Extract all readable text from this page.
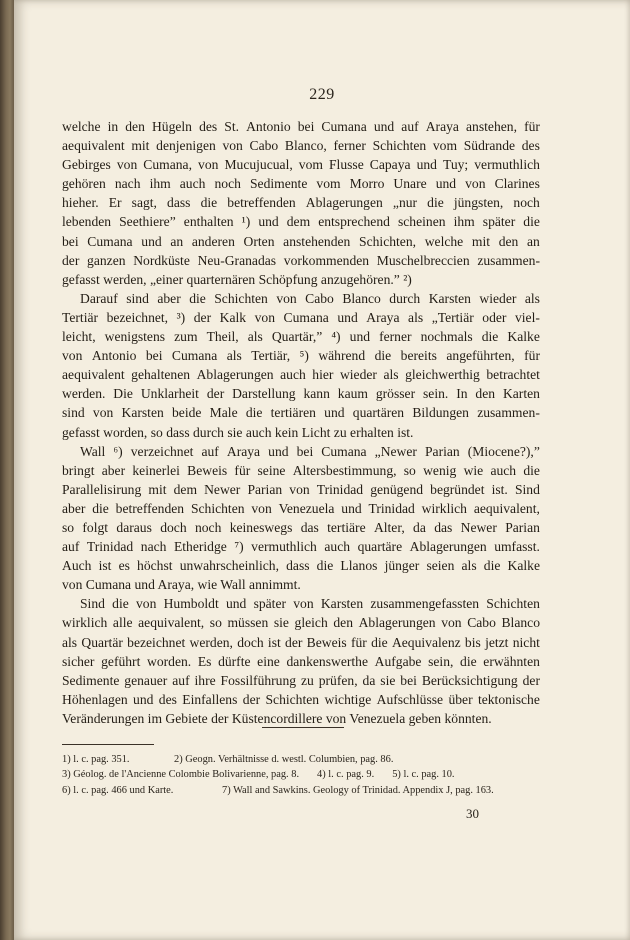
229
welche in den Hügeln des St. Antonio bei Cumana und auf Araya anstehen, für
aequivalent mit denjenigen von Cabo Blanco, ferner Schichten vom Südrande des
Gebirges von Cumana, von Mucujucual, vom Flusse Capaya und Tuy; vermuthlich
gehören nach ihm auch noch Sedimente vom Morro Unare und von Clarines
hieher. Er sagt, dass die betreffenden Ablagerungen „nur die jüngsten, noch
lebenden Seethiere” enthalten ¹) und dem entsprechend scheinen ihm später die
bei Cumana und an anderen Orten anstehenden Schichten, welche mit den an
der ganzen Nordküste Neu-Granadas vorkommenden Muschelbreccien zusammen-
gefasst werden, „einer quarternären Schöpfung anzugehören.” ²)
Darauf sind aber die Schichten von Cabo Blanco durch Karsten wieder als
Tertiär bezeichnet, ³) der Kalk von Cumana und Araya als „Tertiär oder viel-
leicht, wenigstens zum Theil, als Quartär,” ⁴) und ferner nochmals die Kalke
von Antonio bei Cumana als Tertiär, ⁵) während die bereits angeführten, für
aequivalent gehaltenen Ablagerungen auch hier wieder als gleichwerthig betrachtet
werden. Die Unklarheit der Darstellung kann kaum grösser sein. In den Karten
sind von Karsten beide Male die tertiären und quartären Bildungen zusammen-
gefasst worden, so dass durch sie auch kein Licht zu erhalten ist.
Wall ⁶) verzeichnet auf Araya und bei Cumana „Newer Parian (Miocene?),”
bringt aber keinerlei Beweis für seine Altersbestimmung, so wenig wie auch die
Parallelisirung mit dem Newer Parian von Trinidad genügend begründet ist. Sind
aber die betreffenden Schichten von Venezuela und Trinidad wirklich aequivalent,
so folgt daraus doch noch keineswegs das tertiäre Alter, da das Newer Parian
auf Trinidad nach Etheridge ⁷) vermuthlich auch quartäre Ablagerungen umfasst.
Auch ist es höchst unwahrscheinlich, dass die Llanos jünger seien als die Kalke
von Cumana und Araya, wie Wall annimmt.
Sind die von Humboldt und später von Karsten zusammengefassten Schichten
wirklich alle aequivalent, so müssen sie gleich den Ablagerungen von Cabo Blanco
als Quartär bezeichnet werden, doch ist der Beweis für die Aequivalenz bis jetzt nicht
sicher geführt worden. Es dürfte eine dankenswerthe Aufgabe sein, die erwähnten
Sedimente genauer auf ihre Fossilführung zu prüfen, da sie bei Berücksichtigung der
Höhenlagen und des Einfallens der Schichten wichtige Aufschlüsse über tektonische
Veränderungen im Gebiete der Küstencordillere von Venezuela geben könnten.
1) l. c. pag. 351.	2) Geogn. Verhältnisse d. westl. Columbien, pag. 86.
3) Géolog. de l'Ancienne Colombie Bolivarienne, pag. 8. 4) l. c. pag. 9. 5) l. c. pag. 10.
6) l. c. pag. 466 und Karte.	7) Wall and Sawkins. Geology of Trinidad. Appendix J, pag. 163.
30
